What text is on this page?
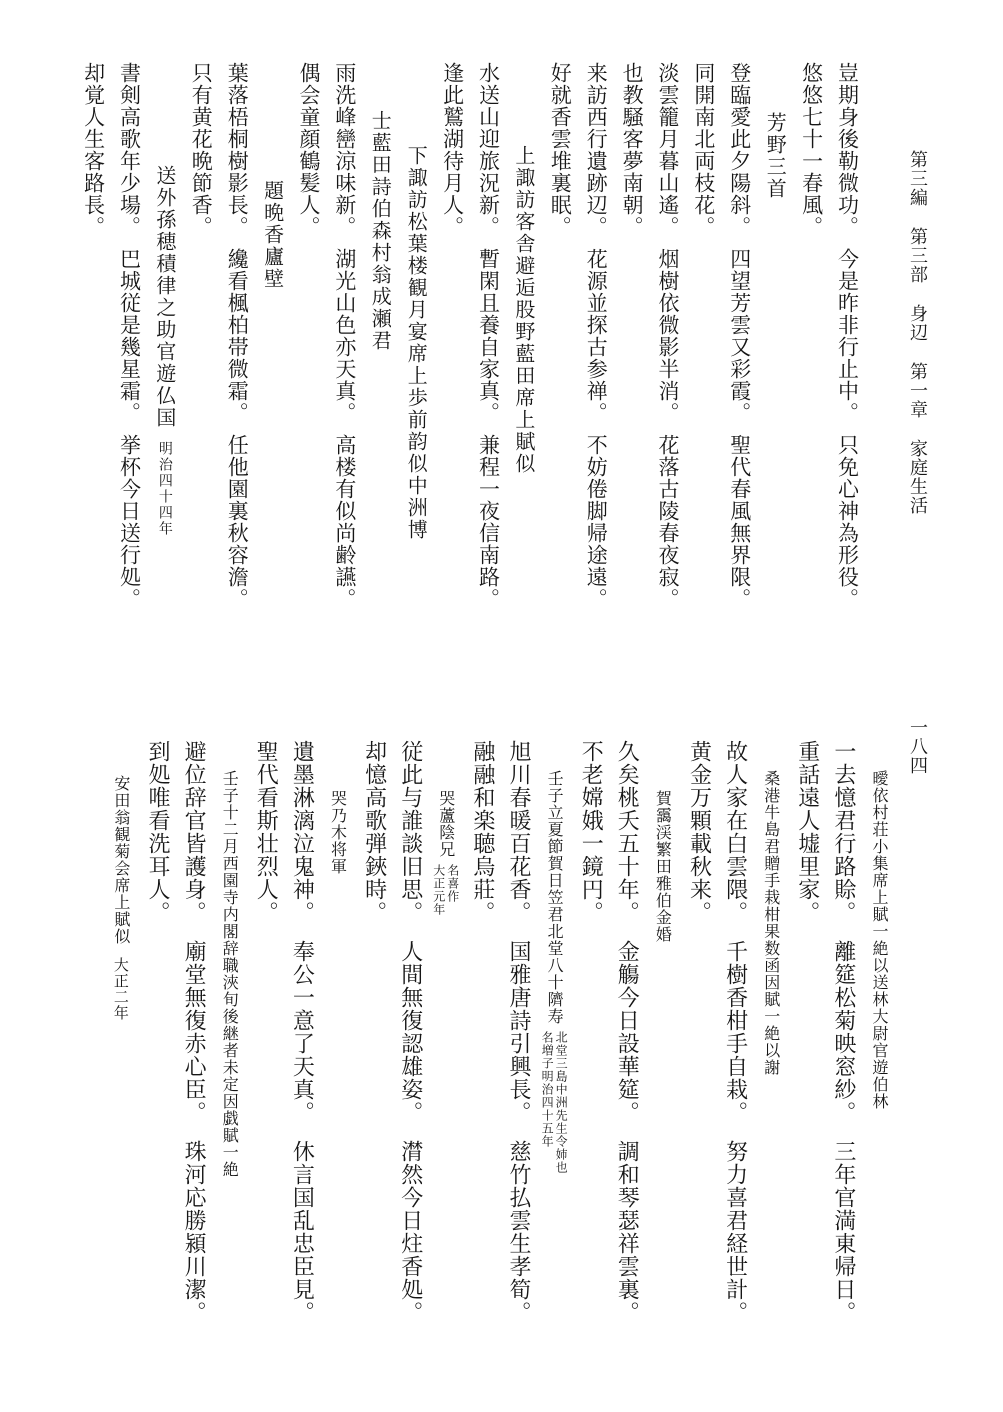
第三編第三部身辺第一章家庭生活
一八四
豈期身後勒微功。今是昨非行止中。只免心神為形役。
悠悠七十一春風。
芳野三首
登臨愛此夕陽斜。四望芳雲又彩霞。聖代春風無界限。
同開南北両枝花。
淡雲籠月暮山遙。烟樹依微影半消。花落古陵春夜寂。
也教騒客夢南朝。
来訪西行遺跡辺。花源並探古参禅。不妨倦脚帰途遠。
好就香雲堆裏眠。
上諏訪客舎避逅股野藍田席上賦似
水送山迎旅況新。暫閑且養自家真。兼程一夜信南路。
逢此鷲湖待月人。
下諏訪松葉楼観月宴席上歩前韵似中洲博
士藍田詩伯森村翁成瀬君
雨洗峰巒涼味新。湖光山色亦天真。高楼有似尚齢讌。
偶会童顔鶴髪人。
題晩香廬壁
葉落梧桐樹影長。纔看楓柏帯微霜。任他園裏秋容澹。
只有黄花晩節香。
送外孫穂積律之助官遊仏国明治四十四年
書剣高歌年少場。巴城従是幾星霜。挙杯今日送行処。
却覚人生客路長。
曖依村荘小集席上賦一絶以送林大尉官遊伯林
一去憶君行路賒。離筵松菊映窓紗。三年官満東帰日。
重話遠人墟里家。
桑港牛島君贈手栽柑果数函因賦一絶以謝
故人家在白雲隈。千樹香柑手自栽。努力喜君経世計。
黄金万顆載秋来。
賀靄渓繁田雅伯金婚
久矣桃夭五十年。金觴今日設華筵。調和琴瑟祥雲裏。
不老嫦娥一鏡円。
壬子立夏節賀日笠君北堂八十隮寿
北堂三島中洲先生令姉也
名増子明治四十五年
旭川春暖百花香。国雅唐詩引興長。慈竹払雲生孝筍。
融融和楽聴烏莊。
哭蘆陰兄
名喜作
大正元年
従此与誰談旧思。人間無復認雄姿。潸然今日炷香処。
却憶高歌弾鋏時。
哭乃木将軍
遺墨淋漓泣鬼神。奉公一意了天真。休言国乱忠臣見。
聖代看斯壮烈人。
壬子十二月西園寺内閣辞職浹旬後継者未定因戯賦一絶
避位辞官皆護身。廟堂無復赤心臣。珠河応勝潁川潔。
到処唯看洗耳人。
安田翁観菊会席上賦似大正二年
